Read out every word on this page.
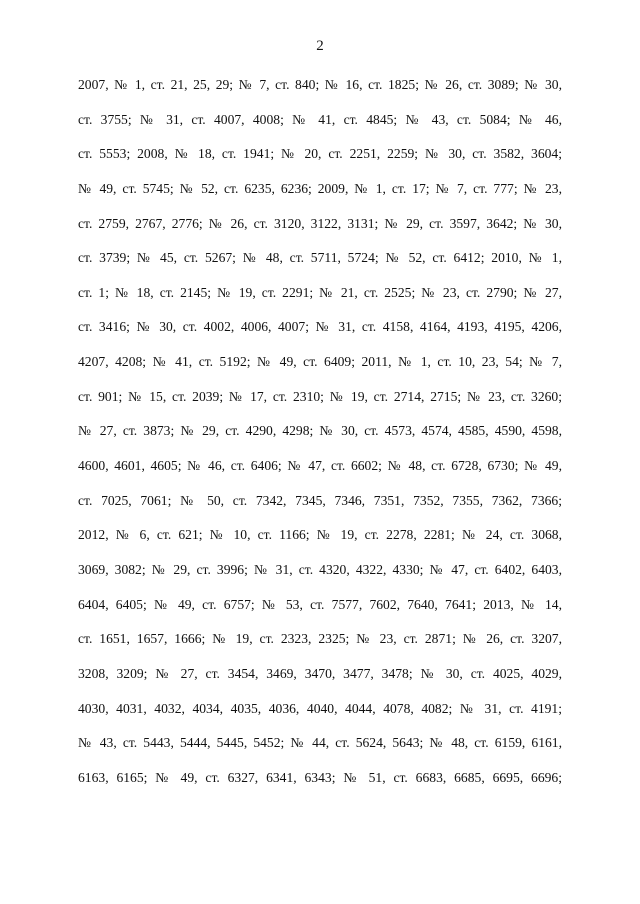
2
2007, № 1, ст. 21, 25, 29; № 7, ст. 840; № 16, ст. 1825; № 26, ст. 3089; № 30,
ст. 3755; № 31, ст. 4007, 4008; № 41, ст. 4845; № 43, ст. 5084; № 46,
ст. 5553; 2008, № 18, ст. 1941; № 20, ст. 2251, 2259; № 30, ст. 3582, 3604;
№ 49, ст. 5745; № 52, ст. 6235, 6236; 2009, № 1, ст. 17; № 7, ст. 777; № 23,
ст. 2759, 2767, 2776; № 26, ст. 3120, 3122, 3131; № 29, ст. 3597, 3642; № 30,
ст. 3739; № 45, ст. 5267; № 48, ст. 5711, 5724; № 52, ст. 6412; 2010, № 1,
ст. 1; № 18, ст. 2145; № 19, ст. 2291; № 21, ст. 2525; № 23, ст. 2790; № 27,
ст. 3416; № 30, ст. 4002, 4006, 4007; № 31, ст. 4158, 4164, 4193, 4195, 4206,
4207, 4208; № 41, ст. 5192; № 49, ст. 6409; 2011, № 1, ст. 10, 23, 54; № 7,
ст. 901; № 15, ст. 2039; № 17, ст. 2310; № 19, ст. 2714, 2715; № 23, ст. 3260;
№ 27, ст. 3873; № 29, ст. 4290, 4298; № 30, ст. 4573, 4574, 4585, 4590, 4598,
4600, 4601, 4605; № 46, ст. 6406; № 47, ст. 6602; № 48, ст. 6728, 6730; № 49,
ст. 7025, 7061; № 50, ст. 7342, 7345, 7346, 7351, 7352, 7355, 7362, 7366;
2012, № 6, ст. 621; № 10, ст. 1166; № 19, ст. 2278, 2281; № 24, ст. 3068,
3069, 3082; № 29, ст. 3996; № 31, ст. 4320, 4322, 4330; № 47, ст. 6402, 6403,
6404, 6405; № 49, ст. 6757; № 53, ст. 7577, 7602, 7640, 7641; 2013, № 14,
ст. 1651, 1657, 1666; № 19, ст. 2323, 2325; № 23, ст. 2871; № 26, ст. 3207,
3208, 3209; № 27, ст. 3454, 3469, 3470, 3477, 3478; № 30, ст. 4025, 4029,
4030, 4031, 4032, 4034, 4035, 4036, 4040, 4044, 4078, 4082; № 31, ст. 4191;
№ 43, ст. 5443, 5444, 5445, 5452; № 44, ст. 5624, 5643; № 48, ст. 6159, 6161,
6163, 6165; № 49, ст. 6327, 6341, 6343; № 51, ст. 6683, 6685, 6695, 6696;
